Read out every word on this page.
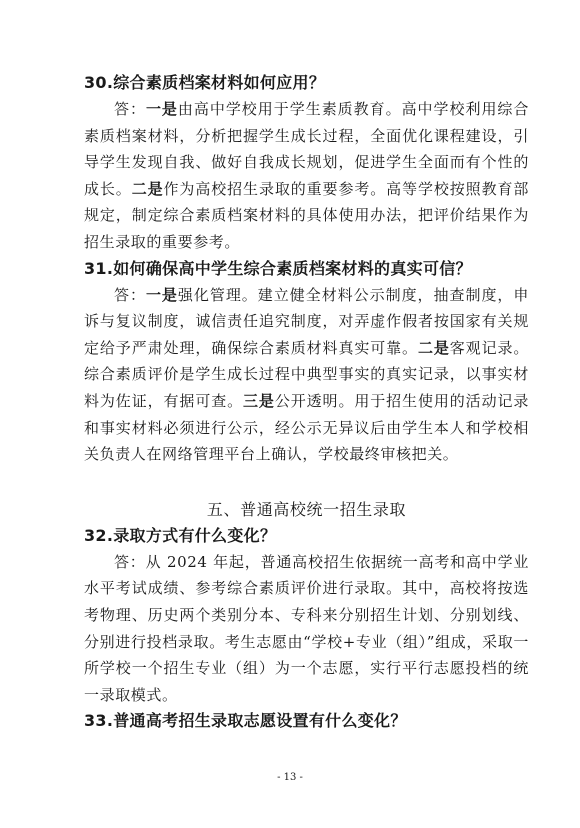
30.综合素质档案材料如何应用？

答：一是由高中学校用于学生素质教育。高中学校利用综合素质档案材料，分析把握学生成长过程，全面优化课程建设，引导学生发现自我、做好自我成长规划，促进学生全面而有个性的成长。二是作为高校招生录取的重要参考。高等学校按照教育部规定，制定综合素质档案材料的具体使用办法，把评价结果作为招生录取的重要参考。

31.如何确保高中学生综合素质档案材料的真实可信？

答：一是强化管理。建立健全材料公示制度，抽查制度，申诉与复议制度，诚信责任追究制度，对弄虚作假者按国家有关规定给予严肃处理，确保综合素质材料真实可靠。二是客观记录。综合素质评价是学生成长过程中典型事实的真实记录，以事实材料为佐证，有据可查。三是公开透明。用于招生使用的活动记录和事实材料必须进行公示，经公示无异议后由学生本人和学校相关负责人在网络管理平台上确认，学校最终审核把关。

五、普通高校统一招生录取

32.录取方式有什么变化？

答：从 2024 年起，普通高校招生依据统一高考和高中学业水平考试成绩、参考综合素质评价进行录取。其中，高校将按选考物理、历史两个类别分本、专科来分别招生计划、分别划线、分别进行投档录取。考生志愿由“学校+专业（组）”组成，采取一所学校一个招生专业（组）为一个志愿，实行平行志愿投档的统一录取模式。

33.普通高考招生录取志愿设置有什么变化？

- 13 -
